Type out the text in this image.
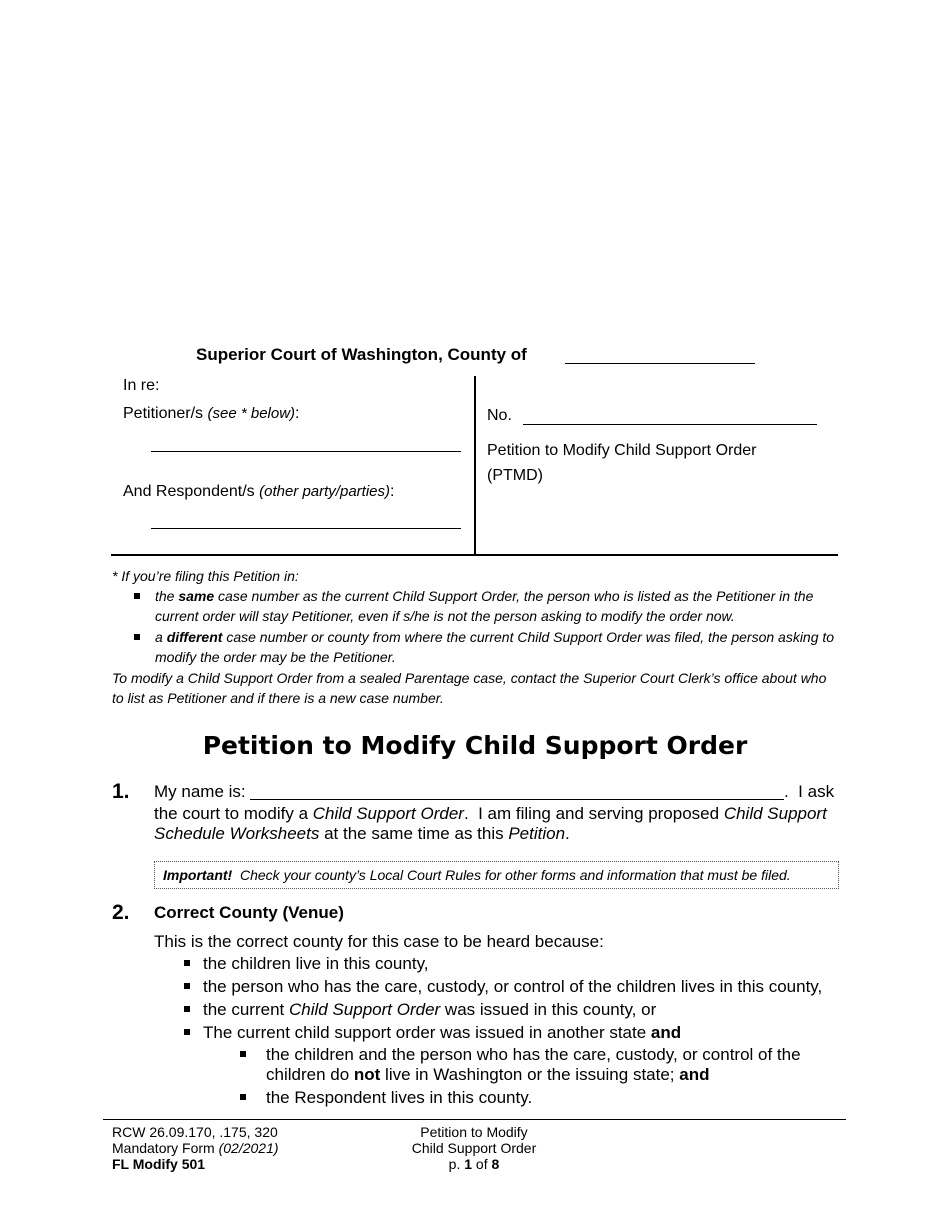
Superior Court of Washington, County of
In re:
Petitioner/s (see * below):
And Respondent/s (other party/parties):
No.
Petition to Modify Child Support Order
(PTMD)
* If you’re filing this Petition in:
the same case number as the current Child Support Order, the person who is listed as the Petitioner in the
current order will stay Petitioner, even if s/he is not the person asking to modify the order now.
a different case number or county from where the current Child Support Order was filed, the person asking to
modify the order may be the Petitioner.
To modify a Child Support Order from a sealed Parentage case, contact the Superior Court Clerk’s office about who
to list as Petitioner and if there is a new case number.
Petition to Modify Child Support Order
1. My name is:	.  I ask
the court to modify a Child Support Order.  I am filing and serving proposed Child Support
Schedule Worksheets at the same time as this Petition.
Important!  Check your county’s Local Court Rules for other forms and information that must be filed.
2. Correct County (Venue)
This is the correct county for this case to be heard because:
the children live in this county,
the person who has the care, custody, or control of the children lives in this county,
the current Child Support Order was issued in this county, or
The current child support order was issued in another state and
the children and the person who has the care, custody, or control of the
children do not live in Washington or the issuing state; and
the Respondent lives in this county.
RCW 26.09.170, .175, 320
Mandatory Form (02/2021)
FL Modify 501
Petition to Modify
Child Support Order
p. 1 of 8
